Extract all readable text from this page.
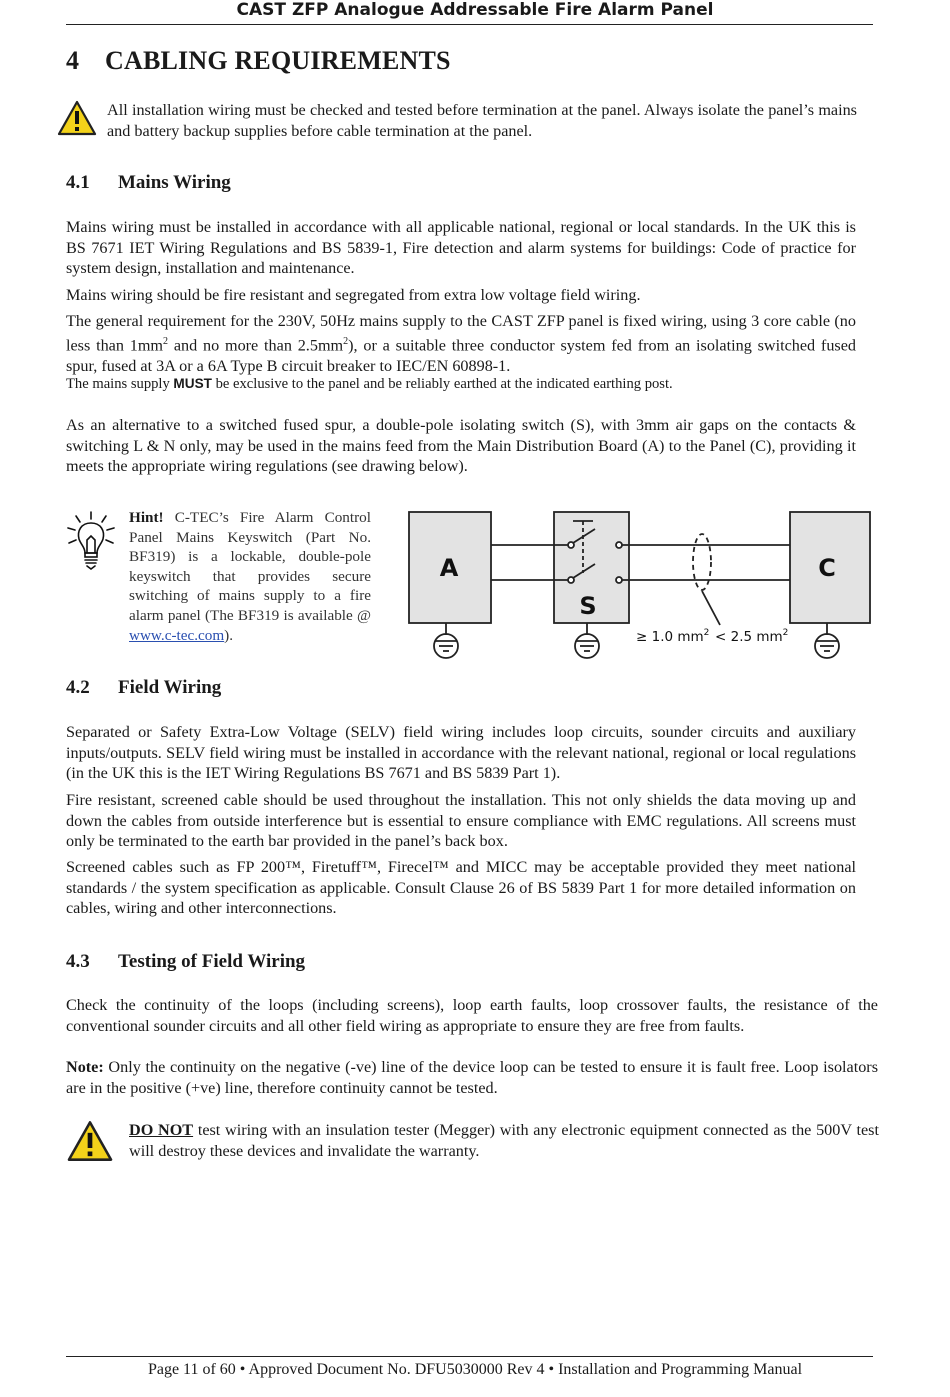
CAST ZFP Analogue Addressable Fire Alarm Panel
4 CABLING REQUIREMENTS
All installation wiring must be checked and tested before termination at the panel. Always isolate the panel’s mains and battery backup supplies before cable termination at the panel.
4.1 Mains Wiring
Mains wiring must be installed in accordance with all applicable national, regional or local standards. In the UK this is BS 7671 IET Wiring Regulations and BS 5839-1, Fire detection and alarm systems for buildings: Code of practice for system design, installation and maintenance.
Mains wiring should be fire resistant and segregated from extra low voltage field wiring.
The general requirement for the 230V, 50Hz mains supply to the CAST ZFP panel is fixed wiring, using 3 core cable (no less than $1mm^2$ and no more than $2.5mm^2$), or a suitable three conductor system fed from an isolating switched fused spur, fused at 3A or a 6A Type B circuit breaker to IEC/EN 60898-1.
The mains supply MUST be exclusive to the panel and be reliably earthed at the indicated earthing post.
As an alternative to a switched fused spur, a double-pole isolating switch (S), with 3mm air gaps on the contacts & switching L & N only, may be used in the mains feed from the Main Distribution Board (A) to the Panel (C), providing it meets the appropriate wiring regulations (see drawing below).
Hint! C-TEC’s Fire Alarm Control Panel Mains Keyswitch (Part No. BF319) is a lockable, double-pole keyswitch that provides secure switching of mains supply to a fire alarm panel (The BF319 is available @ www.c-tec.com).
A
S
C
≥ 1.0 $mm^2 < 2.5$ $mm^2$
4.2 Field Wiring
Separated or Safety Extra-Low Voltage (SELV) field wiring includes loop circuits, sounder circuits and auxiliary inputs/outputs. SELV field wiring must be installed in accordance with the relevant national, regional or local regulations (in the UK this is the IET Wiring Regulations BS 7671 and BS 5839 Part 1).
Fire resistant, screened cable should be used throughout the installation. This not only shields the data moving up and down the cables from outside interference but is essential to ensure compliance with EMC regulations. All screens must only be terminated to the earth bar provided in the panel’s back box.
Screened cables such as FP 200™, Firetuff™, Firecel™ and MICC may be acceptable provided they meet national standards / the system specification as applicable. Consult Clause 26 of BS 5839 Part 1 for more detailed information on cables, wiring and other interconnections.
4.3 Testing of Field Wiring
Check the continuity of the loops (including screens), loop earth faults, loop crossover faults, the resistance of the conventional sounder circuits and all other field wiring as appropriate to ensure they are free from faults.
Note: Only the continuity on the negative (-ve) line of the device loop can be tested to ensure it is fault free. Loop isolators are in the positive (+ve) line, therefore continuity cannot be tested.
DO NOT test wiring with an insulation tester (Megger) with any electronic equipment connected as the 500V test will destroy these devices and invalidate the warranty.
Page 11 of 60 • Approved Document No. DFU5030000 Rev 4 • Installation and Programming Manual
